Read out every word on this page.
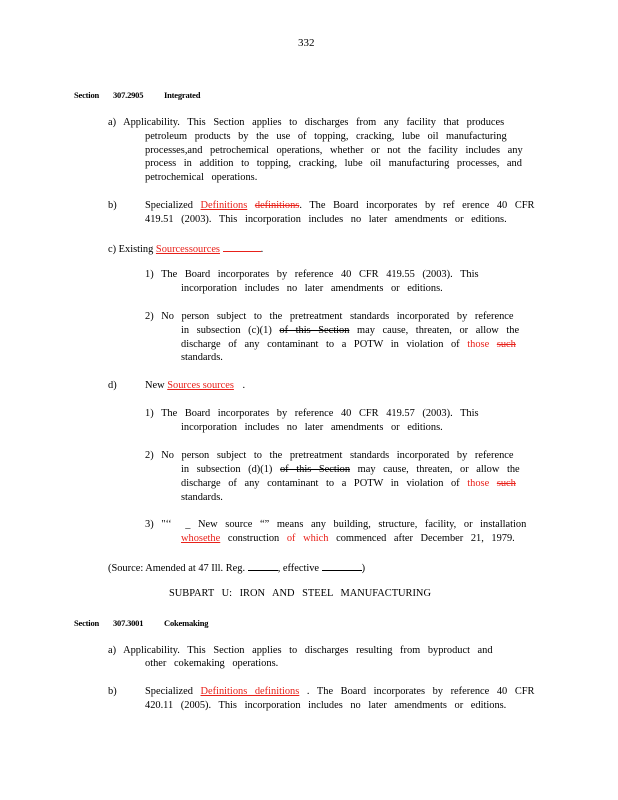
332
Section 307.2905 Integrated
a) Applicability. This Section applies to discharges from any facility that produces
petroleum products by the use of topping, cracking, lube oil manufacturing
processes,and petrochemical operations, whether or not the facility includes any
process in addition to topping, cracking, lube oil manufacturing processes, and
petrochemical operations.
b)	Specialized Definitions definitions. The Board incorporates by ref erence 40 CFR
419.51 (2003). This incorporation includes no later amendments or editions.
c) Existing Sourcessources	.
1) The Board incorporates by reference 40 CFR 419.55 (2003). This
incorporation includes no later amendments or editions.
2) No person subject to the pretreatment standards incorporated by reference
in subsection (c)(1) of this Section may cause, threaten, or allow the
discharge of any contaminant to a POTW in violation of those such
standards.
d)	New Sources sources .
1) The Board incorporates by reference 40 CFR 419.57 (2003). This
incorporation includes no later amendments or editions.
2) No person subject to the pretreatment standards incorporated by reference
in subsection (d)(1) of this Section may cause, threaten, or allow the
discharge of any contaminant to a POTW in violation of those such
standards.
3) "‘‘ _ New source “” means any building, structure, facility, or installation
whosethe construction of which commenced after December 21, 1979.
(Source: Amended at 47 Ill. Reg.	, effective	)
SUBPART U: IRON AND STEEL MANUFACTURING
Section 307.3001 Cokemaking
a) Applicability. This Section applies to discharges resulting from byproduct and
other cokemaking operations.
b)	Specialized Definitions definitions . The Board incorporates by reference 40 CFR
420.11 (2005). This incorporation includes no later amendments or editions.
